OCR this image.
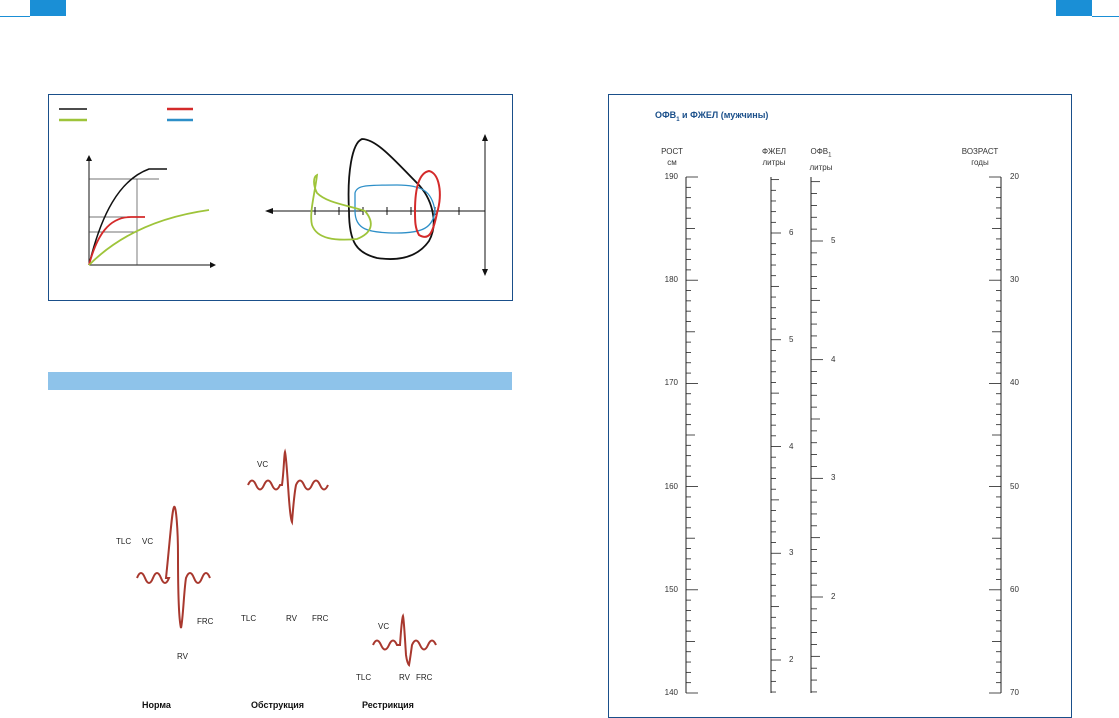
TLC VC
FRC
RV
VC
TLC	RV FRC
VC
TLC	RV FRC
Норма	Обструкция	Рестрикция
$ОФВ_1$ и ФЖЕЛ (мужчины)
РОСТ
см
ФЖЕЛ
литры
$ОФВ_1$
литры
ВОЗРАСТ
годы
190
180
170
160
150
140
6
5
4
3
2
5
4
3
2
20
30
40
50
60
70
